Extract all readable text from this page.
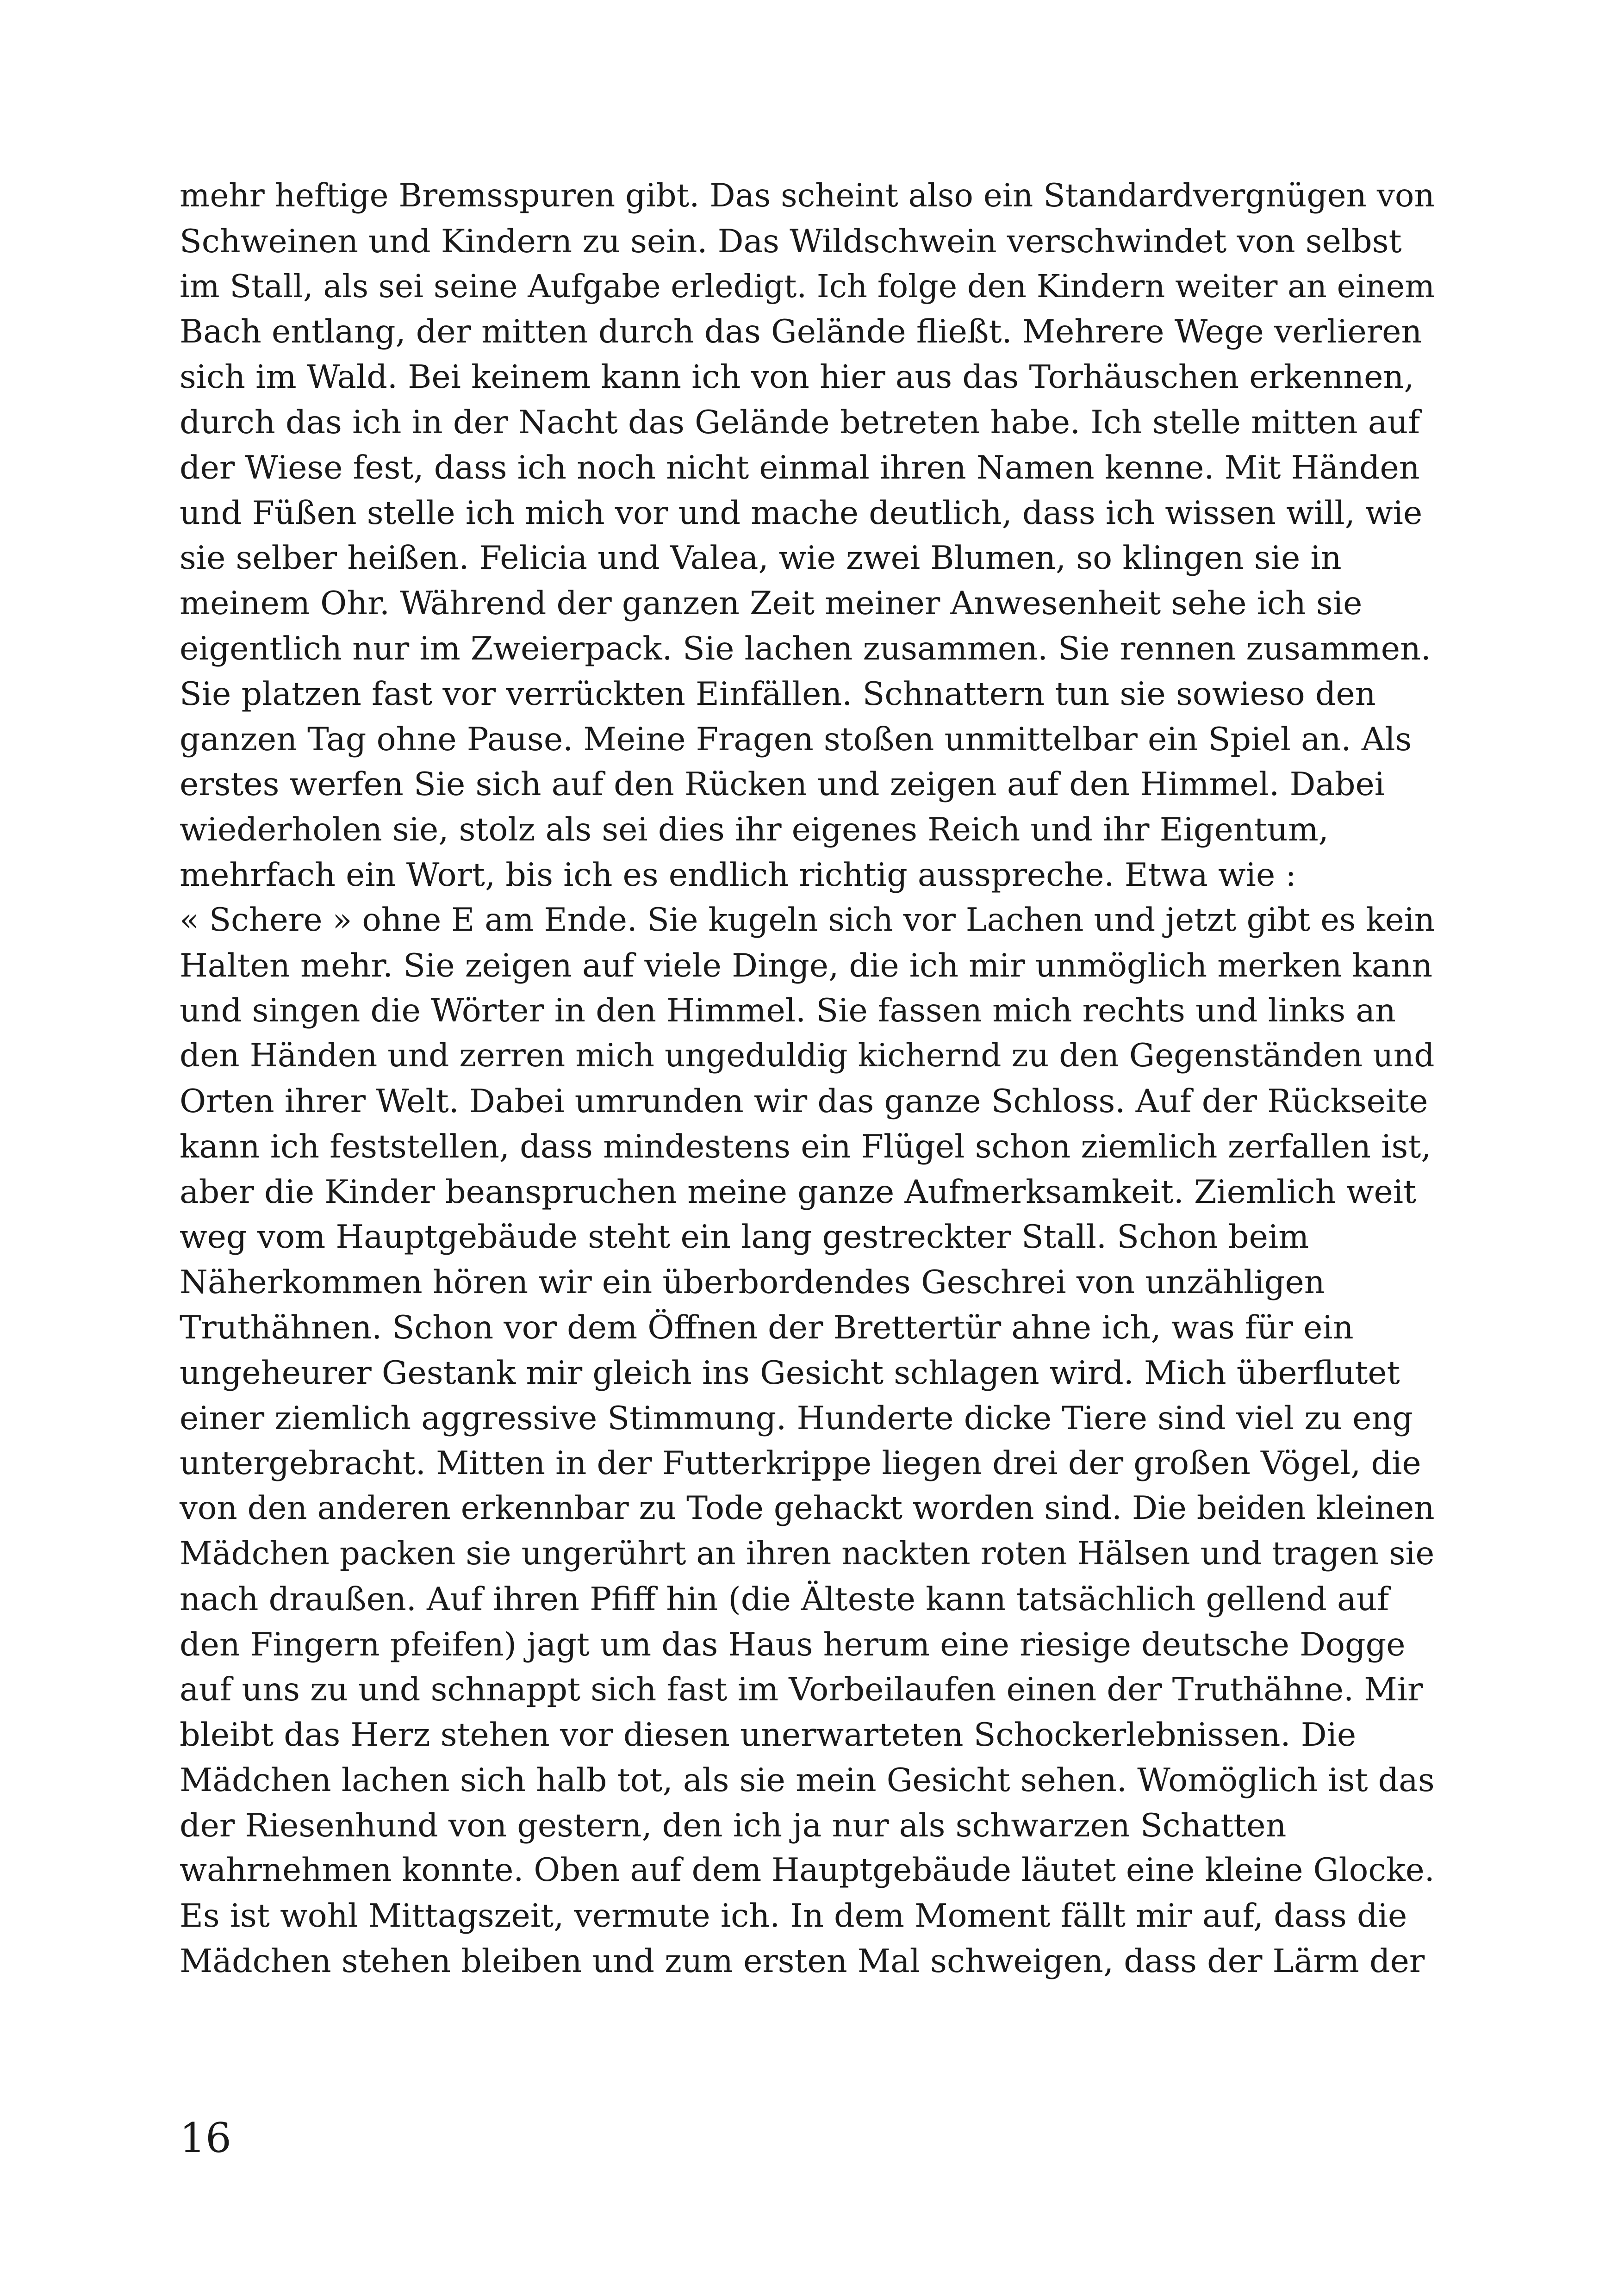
mehr heftige Bremsspuren gibt. Das scheint also ein Standardvergnügen von
Schweinen und Kindern zu sein. Das Wildschwein verschwindet von selbst
im Stall, als sei seine Aufgabe erledigt. Ich folge den Kindern weiter an einem
Bach entlang, der mitten durch das Gelände fließt. Mehrere Wege verlieren
sich im Wald. Bei keinem kann ich von hier aus das Torhäuschen erkennen,
durch das ich in der Nacht das Gelände betreten habe. Ich stelle mitten auf
der Wiese fest, dass ich noch nicht einmal ihren Namen kenne. Mit Händen
und Füßen stelle ich mich vor und mache deutlich, dass ich wissen will, wie
sie selber heißen. Felicia und Valea, wie zwei Blumen, so klingen sie in
meinem Ohr. Während der ganzen Zeit meiner Anwesenheit sehe ich sie
eigentlich nur im Zweierpack. Sie lachen zusammen. Sie rennen zusammen.
Sie platzen fast vor verrückten Einfällen. Schnattern tun sie sowieso den
ganzen Tag ohne Pause. Meine Fragen stoßen unmittelbar ein Spiel an. Als
erstes werfen Sie sich auf den Rücken und zeigen auf den Himmel. Dabei
wiederholen sie, stolz als sei dies ihr eigenes Reich und ihr Eigentum,
mehrfach ein Wort, bis ich es endlich richtig ausspreche. Etwa wie :
« Schere » ohne E am Ende. Sie kugeln sich vor Lachen und jetzt gibt es kein
Halten mehr. Sie zeigen auf viele Dinge, die ich mir unmöglich merken kann
und singen die Wörter in den Himmel. Sie fassen mich rechts und links an
den Händen und zerren mich ungeduldig kichernd zu den Gegenständen und
Orten ihrer Welt. Dabei umrunden wir das ganze Schloss. Auf der Rückseite
kann ich feststellen, dass mindestens ein Flügel schon ziemlich zerfallen ist,
aber die Kinder beanspruchen meine ganze Aufmerksamkeit. Ziemlich weit
weg vom Hauptgebäude steht ein lang gestreckter Stall. Schon beim
Näherkommen hören wir ein überbordendes Geschrei von unzähligen
Truthähnen. Schon vor dem Öffnen der Brettertür ahne ich, was für ein
ungeheurer Gestank mir gleich ins Gesicht schlagen wird. Mich überflutet
einer ziemlich aggressive Stimmung. Hunderte dicke Tiere sind viel zu eng
untergebracht. Mitten in der Futterkrippe liegen drei der großen Vögel, die
von den anderen erkennbar zu Tode gehackt worden sind. Die beiden kleinen
Mädchen packen sie ungerührt an ihren nackten roten Hälsen und tragen sie
nach draußen. Auf ihren Pfiff hin (die Älteste kann tatsächlich gellend auf
den Fingern pfeifen) jagt um das Haus herum eine riesige deutsche Dogge
auf uns zu und schnappt sich fast im Vorbeilaufen einen der Truthähne. Mir
bleibt das Herz stehen vor diesen unerwarteten Schockerlebnissen. Die
Mädchen lachen sich halb tot, als sie mein Gesicht sehen. Womöglich ist das
der Riesenhund von gestern, den ich ja nur als schwarzen Schatten
wahrnehmen konnte. Oben auf dem Hauptgebäude läutet eine kleine Glocke.
Es ist wohl Mittagszeit, vermute ich. In dem Moment fällt mir auf, dass die
Mädchen stehen bleiben und zum ersten Mal schweigen, dass der Lärm der
16
